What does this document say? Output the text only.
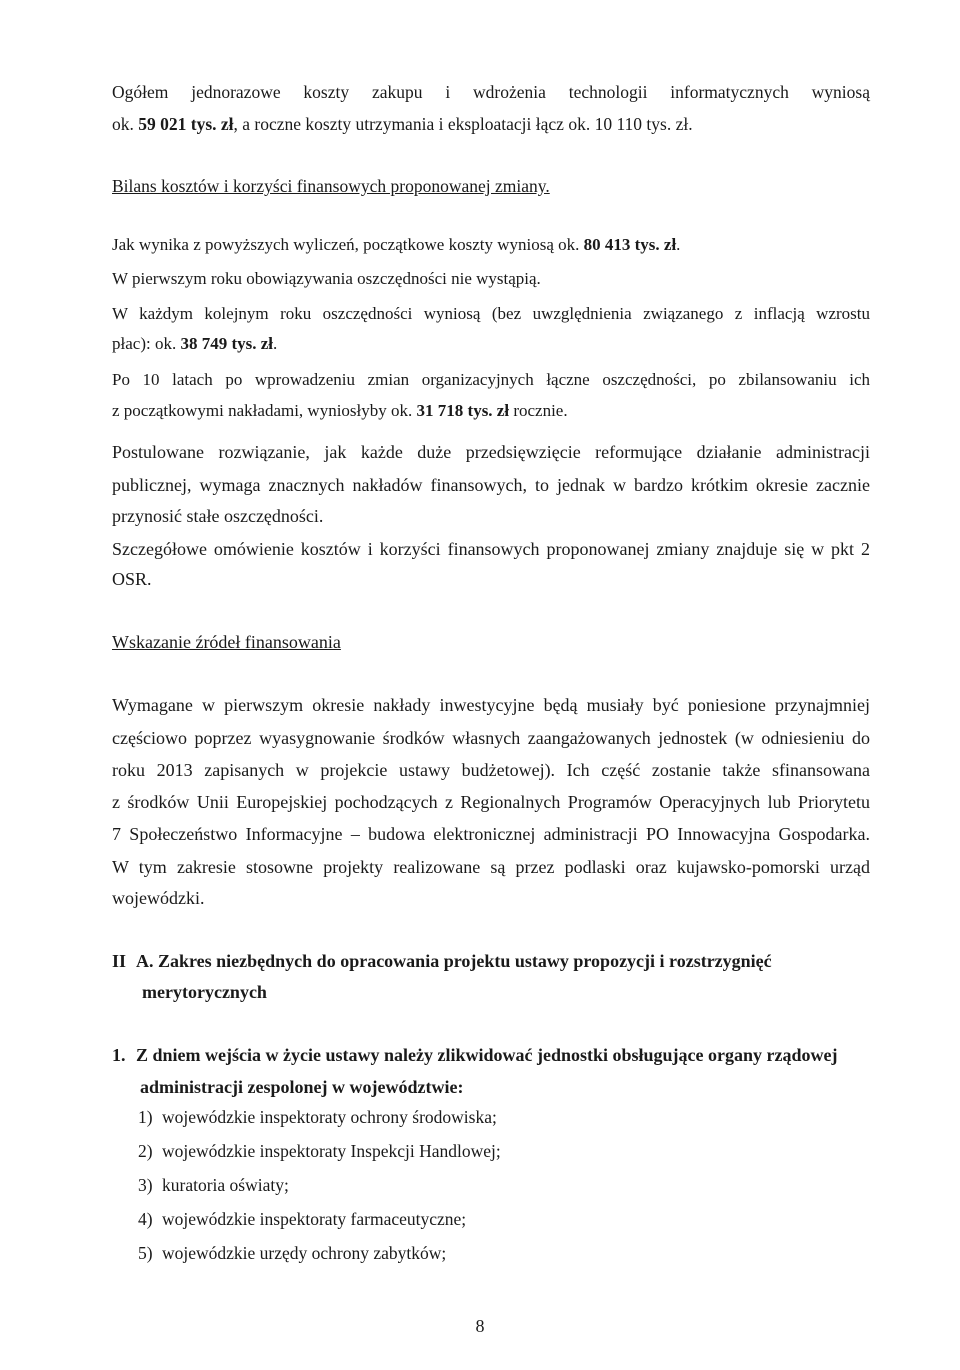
Ogółem jednorazowe koszty zakupu i wdrożenia technologii informatycznych wyniosą
ok. 59 021 tys. zł, a roczne koszty utrzymania i eksploatacji łącz ok. 10 110 tys. zł.
Bilans kosztów i korzyści finansowych proponowanej zmiany.
Jak wynika z powyższych wyliczeń, początkowe koszty wyniosą ok. 80 413 tys. zł.
W pierwszym roku obowiązywania oszczędności nie wystąpią.
W każdym kolejnym roku oszczędności wyniosą (bez uwzględnienia związanego z inflacją wzrostu
płac): ok. 38 749 tys. zł.
Po 10 latach po wprowadzeniu zmian organizacyjnych łączne oszczędności, po zbilansowaniu ich
z początkowymi nakładami, wyniosłyby ok. 31 718 tys. zł rocznie.
Postulowane rozwiązanie, jak każde duże przedsięwzięcie reformujące działanie administracji
publicznej, wymaga znacznych nakładów finansowych, to jednak w bardzo krótkim okresie zacznie
przynosić stałe oszczędności.
Szczegółowe omówienie kosztów i korzyści finansowych proponowanej zmiany znajduje się w pkt 2
OSR.
Wskazanie źródeł finansowania
Wymagane w pierwszym okresie nakłady inwestycyjne będą musiały być poniesione przynajmniej
częściowo poprzez wyasygnowanie środków własnych zaangażowanych jednostek (w odniesieniu do
roku 2013 zapisanych w projekcie ustawy budżetowej). Ich część zostanie także sfinansowana
z środków Unii Europejskiej pochodzących z Regionalnych Programów Operacyjnych lub Priorytetu
7 Społeczeństwo Informacyjne – budowa elektronicznej administracji PO Innowacyjna Gospodarka.
W tym zakresie stosowne projekty realizowane są przez podlaski oraz kujawsko-pomorski urząd
wojewódzki.
II A. Zakres niezbędnych do opracowania projektu ustawy propozycji i rozstrzygnięć
merytorycznych
1. Z dniem wejścia w życie ustawy należy zlikwidować jednostki obsługujące organy rządowej
administracji zespolonej w województwie:
1) wojewódzkie inspektoraty ochrony środowiska;
2) wojewódzkie inspektoraty Inspekcji Handlowej;
3) kuratoria oświaty;
4) wojewódzkie inspektoraty farmaceutyczne;
5) wojewódzkie urzędy ochrony zabytków;
8
